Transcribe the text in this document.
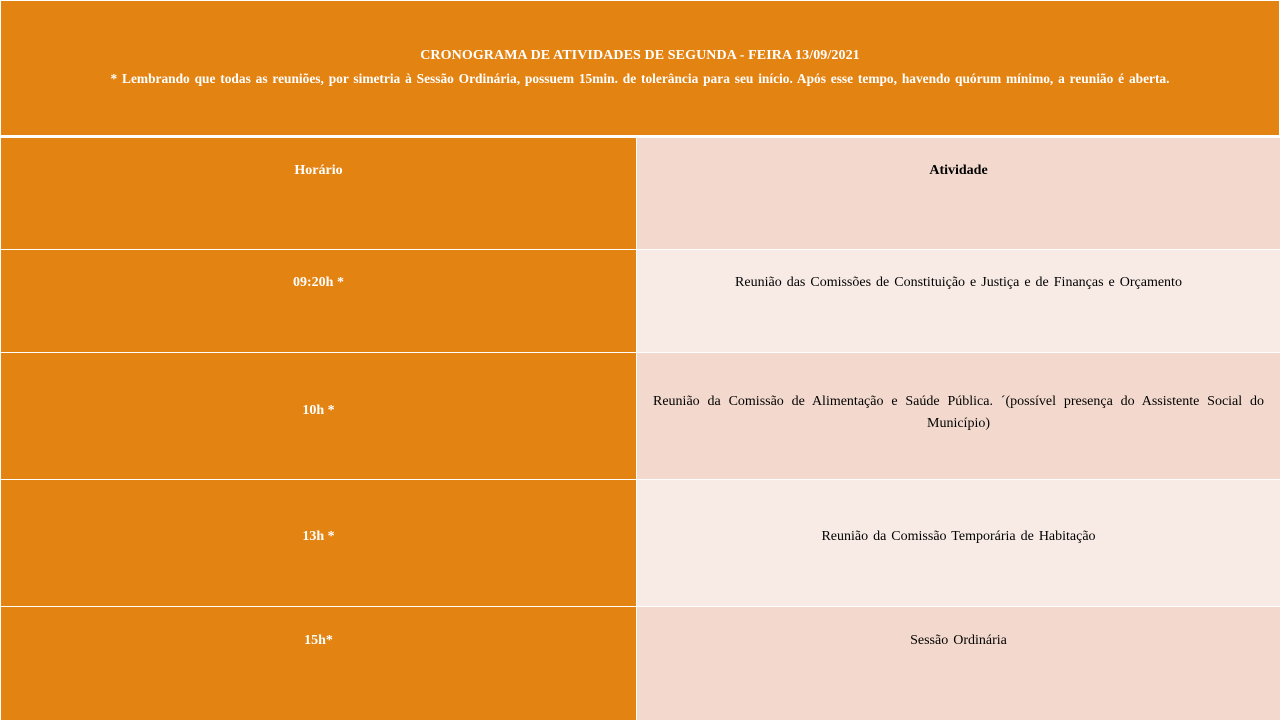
CRONOGRAMA DE ATIVIDADES DE SEGUNDA - FEIRA 13/09/2021
* Lembrando que todas as reuniões, por simetria à Sessão Ordinária, possuem 15min. de tolerância para seu início. Após esse tempo, havendo quórum mínimo, a reunião é aberta.
Horário	Atividade

09:20h *	Reunião das Comissões de Constituição e Justiça e de Finanças e Orçamento

10h *	Reunião da Comissão de Alimentação e Saúde Pública. ´(possível presença do Assistente Social do Município)

13h *	Reunião da Comissão Temporária de Habitação

15h*	Sessão Ordinária
